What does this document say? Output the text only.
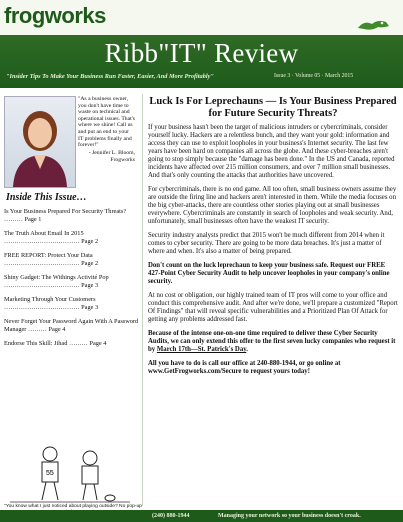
frogworks
Ribb"IT" Review
"Insider Tips To Make Your Business Run Faster, Easier, And More Profitably"	Issue 3 · Volume 05 · March 2015
"As a business owner, you don't have time to waste on technical and operational issues. That's where we shine! Call us and put an end to your IT problems finally and forever!"
- Jennifer L. Bloom,
Frogworks
Inside This Issue…
Is Your Business Prepared For Security Threats? ……… Page 1
The Truth About Email In 2015
……………………………… Page 2
FREE REPORT: Protect Your Data
……………………………… Page 2
Shiny Gadget: The Withings Activité Pop
……………………………… Page 3
Marketing Through Your Customers
……………………………… Page 3
Never Forget Your Password Again With A Password Manager ……… Page 4
Endorse This Skill: Jihad ……… Page 4
55
"You know what I just noticed about playing outside? No pop-up
Luck Is For Leprechauns — Is Your Business Prepared for Future Security Threats?

If your business hasn't been the target of malicious intruders or cybercriminals, consider yourself lucky. Hackers are a relentless bunch, and they want your gold: information and access they can use to exploit loopholes in your business's Internet security. The last few years have been hard on companies all across the globe. And these cyber-breaches aren't going to stop simply because the "damage has been done." In the US and Canada, reported incidents have affected over 215 million consumers, and over 7 million small businesses. And that's only counting the attacks that authorities have uncovered.

For cybercriminals, there is no end game. All too often, small business owners assume they are outside the firing line and hackers aren't interested in them. While the media focuses on the big cyber-attacks, there are countless other stories playing out at small businesses everywhere. Cybercriminals are constantly in search of loopholes and weak security. And, unfortunately, small businesses often have the weakest IT security.

Security industry analysts predict that 2015 won't be much different from 2014 when it comes to cyber security. There are going to be more data breaches. It's just a matter of where and when. It's also a matter of being prepared.

Don't count on the luck leprechaun to keep your business safe. Request our FREE 427-Point Cyber Security Audit to help uncover loopholes in your company's online security.

At no cost or obligation, our highly trained team of IT pros will come to your office and conduct this comprehensive audit. And after we're done, we'll prepare a customized "Report Of Findings" that will reveal specific vulnerabilities and a Prioritized Plan Of Attack for getting any problems addressed fast.

Because of the intense one-on-one time required to deliver these Cyber Security Audits, we can only extend this offer to the first seven lucky companies who request it by March 17th—St. Patrick's Day.

All you have to do is call our office at 240-880-1944, or go online at www.GetFrogworks.com/Secure to request yours today!

(240) 880-1944	Managing your network so your business doesn't croak.
